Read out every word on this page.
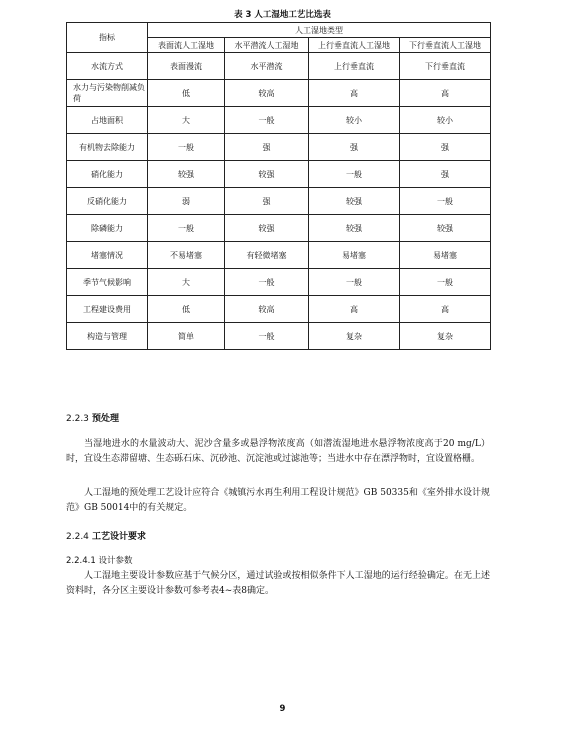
表 3 人工湿地工艺比选表
指标	人工湿地类型			
	表面流人工湿地	水平潜流人工湿地	上行垂直流人工湿地	下行垂直流人工湿地
水流方式	表面漫流	水平潜流	上行垂直流	下行垂直流
水力与污染物削减负荷	低	较高	高	高
占地面积	大	一般	较小	较小
有机物去除能力	一般	强	强	强
硝化能力	较强	较强	一般	强
反硝化能力	弱	强	较强	一般
除磷能力	一般	较强	较强	较强
堵塞情况	不易堵塞	有轻微堵塞	易堵塞	易堵塞
季节气候影响	大	一般	一般	一般
工程建设费用	低	较高	高	高
构造与管理	简单	一般	复杂	复杂
2.2.3 预处理

当湿地进水的水量波动大、泥沙含量多或悬浮物浓度高（如潜流湿地进水悬浮物浓度高于20 mg/L）时，宜设生态滞留塘、生态砾石床、沉砂池、沉淀池或过滤池等；当进水中存在漂浮物时，宜设置格栅。

人工湿地的预处理工艺设计应符合《城镇污水再生利用工程设计规范》GB 50335和《室外排水设计规范》GB 50014中的有关规定。

2.2.4 工艺设计要求
2.2.4.1 设计参数

人工湿地主要设计参数应基于气候分区，通过试验或按相似条件下人工湿地的运行经验确定。在无上述资料时，各分区主要设计参数可参考表4~表8确定。

9
